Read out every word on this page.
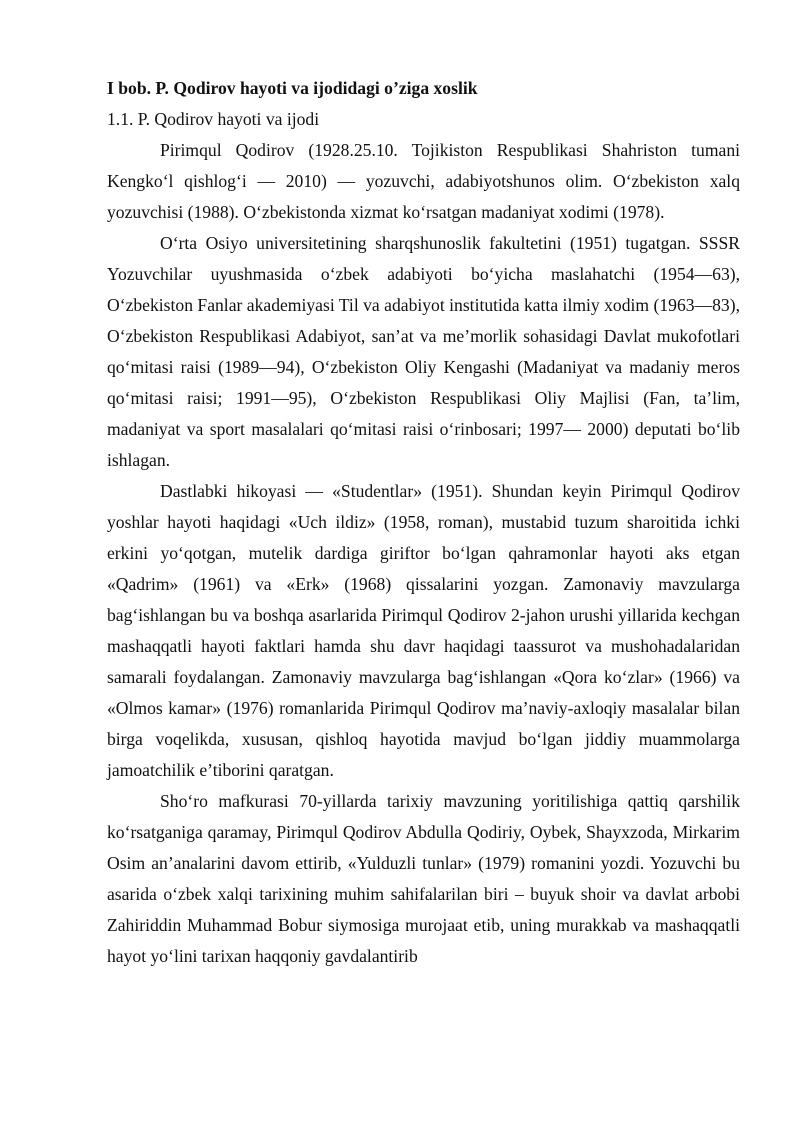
I bob. P. Qodirov hayoti va ijodidagi o’ziga xoslik

1.1. P. Qodirov hayoti va ijodi

Pirimqul Qodirov (1928.25.10. Tojikiston Respublikasi Shahriston tumani Kengko‘l qishlog‘i — 2010) — yozuvchi, adabiyotshunos olim. O‘zbekiston xalq yozuvchisi (1988). O‘zbekistonda xizmat ko‘rsatgan madaniyat xodimi (1978).

O‘rta Osiyo universitetining sharqshunoslik fakultetini (1951) tugatgan. SSSR Yozuvchilar uyushmasida o‘zbek adabiyoti bo‘yicha maslahatchi (1954—63), O‘zbekiston Fanlar akademiyasi Til va adabiyot institutida katta ilmiy xodim (1963—83), O‘zbekiston Respublikasi Adabiyot, san’at va me’morlik sohasidagi Davlat mukofotlari qo‘mitasi raisi (1989—94), O‘zbekiston Oliy Kengashi (Madaniyat va madaniy meros qo‘mitasi raisi; 1991—95), O‘zbekiston Respublikasi Oliy Majlisi (Fan, ta’lim, madaniyat va sport masalalari qo‘mitasi raisi o‘rinbosari; 1997— 2000) deputati bo‘lib ishlagan.

Dastlabki hikoyasi — «Studentlar» (1951). Shundan keyin Pirimqul Qodirov yoshlar hayoti haqidagi «Uch ildiz» (1958, roman), mustabid tuzum sharoitida ichki erkini yo‘qotgan, mutelik dardiga giriftor bo‘lgan qahramonlar hayoti aks etgan «Qadrim» (1961) va «Erk» (1968) qissalarini yozgan. Zamonaviy mavzularga bag‘ishlangan bu va boshqa asarlarida Pirimqul Qodirov 2-jahon urushi yillarida kechgan mashaqqatli hayoti faktlari hamda shu davr haqidagi taassurot va mushohadalaridan samarali foydalangan. Zamonaviy mavzularga bag‘ishlangan «Qora ko‘zlar» (1966) va «Olmos kamar» (1976) romanlarida Pirimqul Qodirov ma’naviy-axloqiy masalalar bilan birga voqelikda, xususan, qishloq hayotida mavjud bo‘lgan jiddiy muammolarga jamoatchilik e’tiborini qaratgan.

Sho‘ro mafkurasi 70-yillarda tarixiy mavzuning yoritilishiga qattiq qarshilik ko‘rsatganiga qaramay, Pirimqul Qodirov Abdulla Qodiriy, Oybek, Shayxzoda, Mirkarim Osim an’analarini davom ettirib, «Yulduzli tunlar» (1979) romanini yozdi. Yozuvchi bu asarida o‘zbek xalqi tarixining muhim sahifalarilan biri – buyuk shoir va davlat arbobi Zahiriddin Muhammad Bobur siymosiga murojaat etib, uning murakkab va mashaqqatli hayot yo‘lini tarixan haqqoniy gavdalantirib
